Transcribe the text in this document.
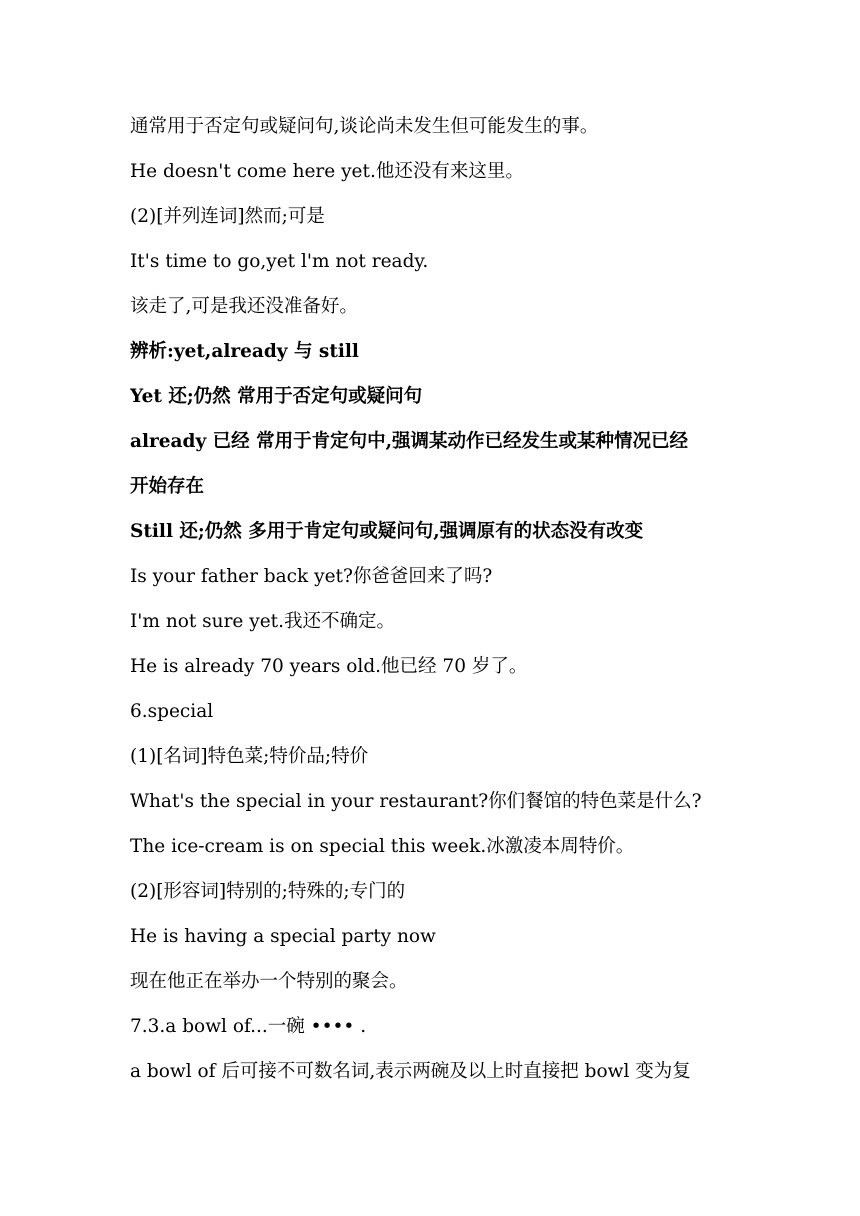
通常用于否定句或疑问句,谈论尚未发生但可能发生的事。
He doesn't come here yet.他还没有来这里。
(2)[并列连词]然而;可是
It's time to go,yet l'm not ready.
该走了,可是我还没准备好。
辨析:yet,already 与 still
Yet 还;仍然 常用于否定句或疑问句
already 已经 常用于肯定句中,强调某动作已经发生或某种情况已经
开始存在
Still 还;仍然 多用于肯定句或疑问句,强调原有的状态没有改变
Is your father back yet?你爸爸回来了吗?
I'm not sure yet.我还不确定。
He is already 70 years old.他已经 70 岁了。
6.special
(1)[名词]特色菜;特价品;特价
What's the special in your restaurant?你们餐馆的特色菜是什么?
The ice-cream is on special this week.冰激凌本周特价。
(2)[形容词]特别的;特殊的;专门的
He is having a special party now
现在他正在举办一个特别的聚会。
7.3.a bowl of...一碗 •••• .
a bowl of 后可接不可数名词,表示两碗及以上时直接把 bowl 变为复
